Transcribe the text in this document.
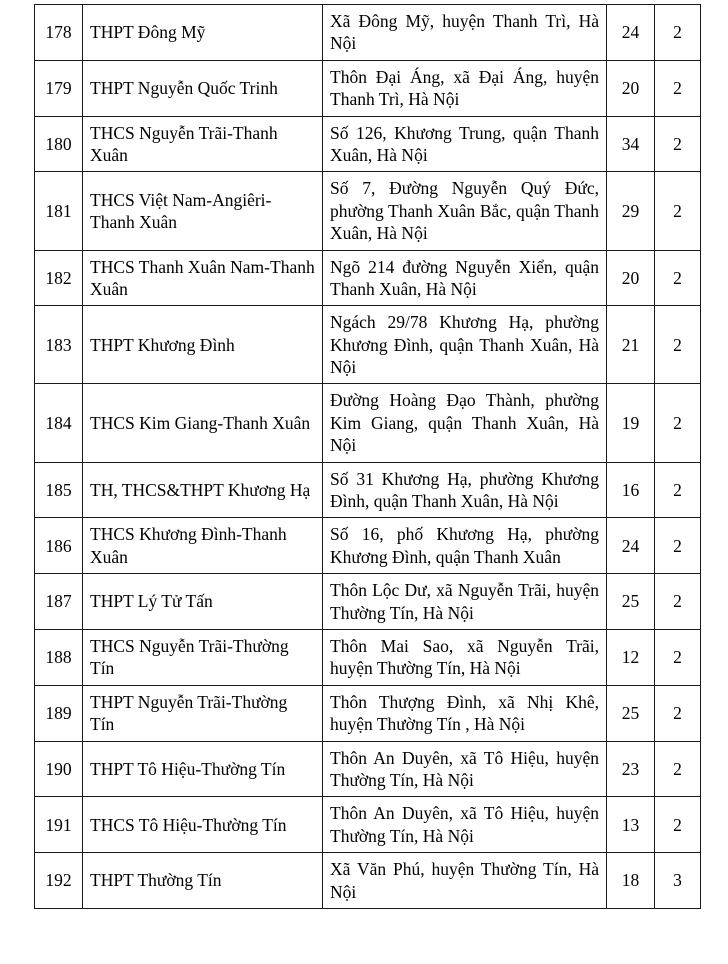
178	THPT Đông Mỹ	Xã Đông Mỹ, huyện Thanh Trì, Hà Nội	24	2
179	THPT Nguyễn Quốc Trinh	Thôn Đại Áng, xã Đại Áng, huyện Thanh Trì, Hà Nội	20	2
180	THCS Nguyễn Trãi-Thanh Xuân	Số 126, Khương Trung, quận Thanh Xuân, Hà Nội	34	2
181	THCS Việt Nam-Angiêri-Thanh Xuân	Số 7, Đường Nguyễn Quý Đức, phường Thanh Xuân Bắc, quận Thanh Xuân, Hà Nội	29	2
182	THCS Thanh Xuân Nam-Thanh Xuân	Ngõ 214 đường Nguyễn Xiển, quận Thanh Xuân, Hà Nội	20	2
183	THPT Khương Đình	Ngách 29/78 Khương Hạ, phường Khương Đình, quận Thanh Xuân, Hà Nội	21	2
184	THCS Kim Giang-Thanh Xuân	Đường Hoàng Đạo Thành, phường Kim Giang, quận Thanh Xuân, Hà Nội	19	2
185	TH, THCS&THPT Khương Hạ	Số 31 Khương Hạ, phường Khương Đình, quận Thanh Xuân, Hà Nội	16	2
186	THCS Khương Đình-Thanh Xuân	Số 16, phố Khương Hạ, phường Khương Đình, quận Thanh Xuân	24	2
187	THPT Lý Tử Tấn	Thôn Lộc Dư, xã Nguyễn Trãi, huyện Thường Tín, Hà Nội	25	2
188	THCS Nguyễn Trãi-Thường Tín	Thôn Mai Sao, xã Nguyễn Trãi, huyện Thường Tín, Hà Nội	12	2
189	THPT Nguyễn Trãi-Thường Tín	Thôn Thượng Đình, xã Nhị Khê, huyện Thường Tín , Hà Nội	25	2
190	THPT Tô Hiệu-Thường Tín	Thôn An Duyên, xã Tô Hiệu, huyện Thường Tín, Hà Nội	23	2
191	THCS Tô Hiệu-Thường Tín	Thôn An Duyên, xã Tô Hiệu, huyện Thường Tín, Hà Nội	13	2
192	THPT Thường Tín	Xã Văn Phú, huyện Thường Tín, Hà Nội	18	3
